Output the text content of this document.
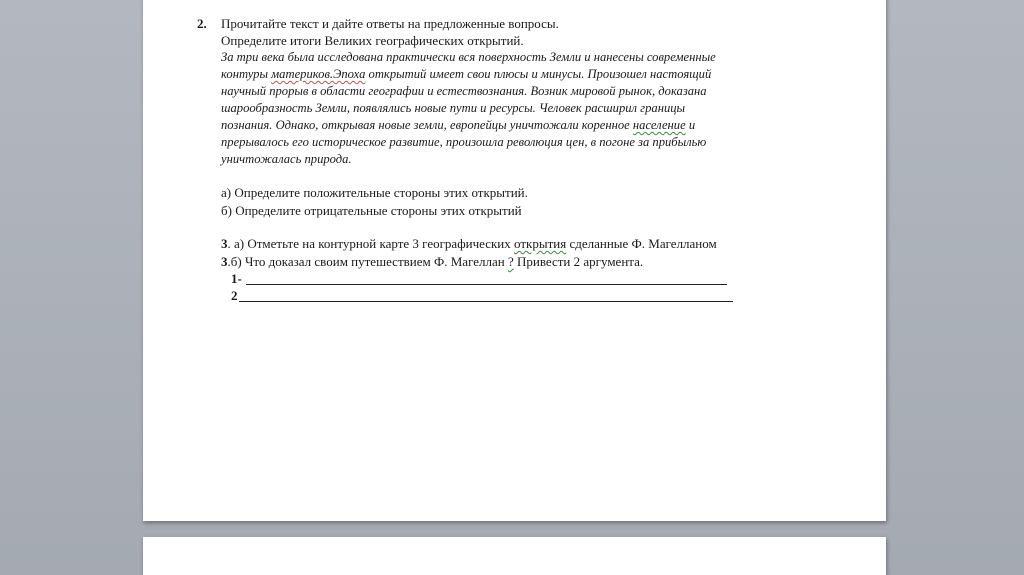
2. Прочитайте текст и дайте ответы на предложенные вопросы.
Определите итоги Великих географических открытий.
За три века была исследована практически вся поверхность Земли и нанесены современные
контуры материков.Эпоха открытий имеет свои плюсы и минусы. Произошел настоящий
научный прорыв в области географии и естествознания. Возник мировой рынок, доказана
шарообразность Земли, появлялись новые пути и ресурсы. Человек расширил границы
познания. Однако, открывая новые земли, европейцы уничтожали коренное население и
прерывалось его историческое развитие, произошла революция цен, в погоне за прибылью
уничтожалась природа.
а) Определите положительные стороны этих открытий.
б) Определите отрицательные стороны этих открытий
3. а) Отметьте на контурной карте 3 географических открытия сделанные Ф. Магелланом
3.б) Что доказал своим путешествием Ф. Магеллан ? Привести 2 аргумента.
1-
2
